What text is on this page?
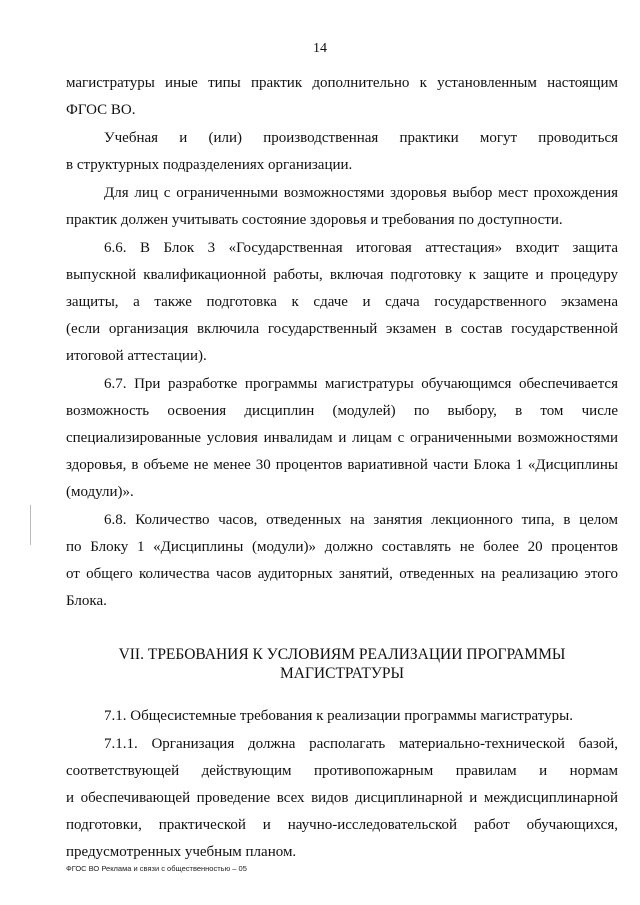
14
магистратуры иные типы практик дополнительно к установленным настоящим
ФГОС ВО.
Учебная и (или) производственная практики могут проводиться
в структурных подразделениях организации.
Для лиц с ограниченными возможностями здоровья выбор мест прохождения
практик должен учитывать состояние здоровья и требования по доступности.
6.6. В Блок 3 «Государственная итоговая аттестация» входит защита
выпускной квалификационной работы, включая подготовку к защите и процедуру
защиты, а также подготовка к сдаче и сдача государственного экзамена
(если организация включила государственный экзамен в состав государственной
итоговой аттестации).
6.7. При разработке программы магистратуры обучающимся обеспечивается
возможность освоения дисциплин (модулей) по выбору, в том числе
специализированные условия инвалидам и лицам с ограниченными возможностями
здоровья, в объеме не менее 30 процентов вариативной части Блока 1 «Дисциплины
(модули)».
6.8. Количество часов, отведенных на занятия лекционного типа, в целом
по Блоку 1 «Дисциплины (модули)» должно составлять не более 20 процентов
от общего количества часов аудиторных занятий, отведенных на реализацию этого
Блока.
VII. ТРЕБОВАНИЯ К УСЛОВИЯМ РЕАЛИЗАЦИИ ПРОГРАММЫ
МАГИСТРАТУРЫ
7.1. Общесистемные требования к реализации программы магистратуры.
7.1.1. Организация должна располагать материально-технической базой,
соответствующей действующим противопожарным правилам и нормам
и обеспечивающей проведение всех видов дисциплинарной и междисциплинарной
подготовки, практической и научно-исследовательской работ обучающихся,
предусмотренных учебным планом.
ФГОС ВО Реклама и связи с общественностью – 05
